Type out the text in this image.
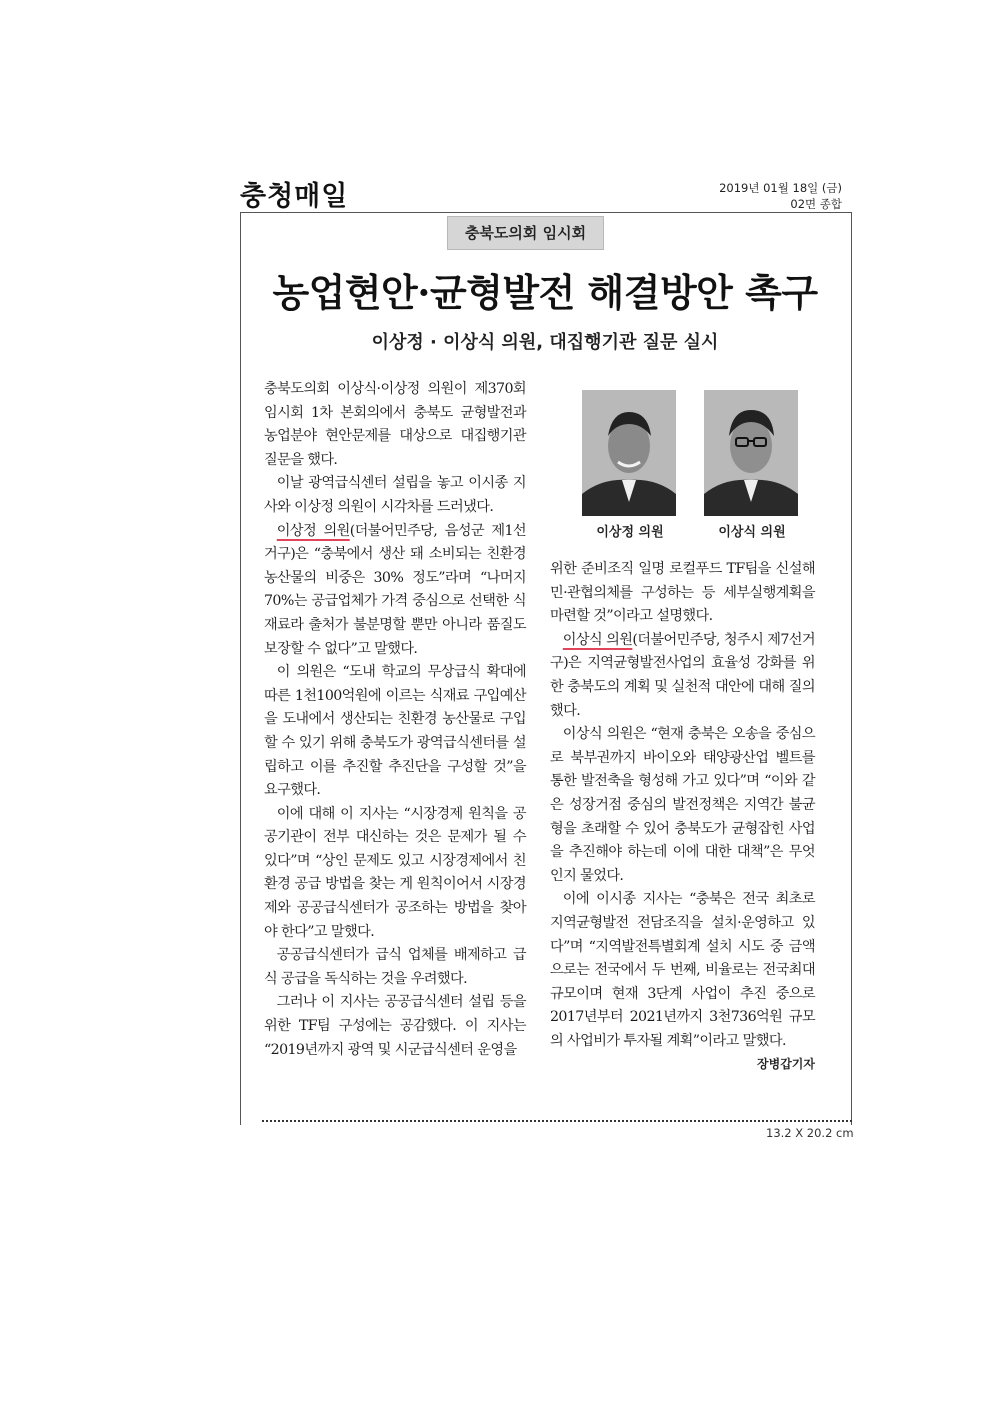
충청매일	2019년 01월 18일 (금)
02면 종합
충북도의회 임시회
농업현안·균형발전 해결방안 촉구
이상정 · 이상식 의원, 대집행기관 질문 실시

충북도의회 이상식·이상정 의원이 제370회 임시회 1차 본회의에서 충북도 균형발전과 농업분야 현안문제를 대상으로 대집행기관 질문을 했다.

이날 광역급식센터 설립을 놓고 이시종 지사와 이상정 의원이 시각차를 드러냈다.

이상정 의원(더불어민주당, 음성군 제1선거구)은 “충북에서 생산 돼 소비되는 친환경 농산물의 비중은 30% 정도”라며 “나머지 70%는 공급업체가 가격 중심으로 선택한 식재료라 출처가 불분명할 뿐만 아니라 품질도 보장할 수 없다”고 말했다.

이 의원은 “도내 학교의 무상급식 확대에 따른 1천100억원에 이르는 식재료 구입예산을 도내에서 생산되는 친환경 농산물로 구입할 수 있기 위해 충북도가 광역급식센터를 설립하고 이를 추진할 추진단을 구성할 것”을 요구했다.

이에 대해 이 지사는 “시장경제 원칙을 공공기관이 전부 대신하는 것은 문제가 될 수 있다”며 “상인 문제도 있고 시장경제에서 친환경 공급 방법을 찾는 게 원칙이어서 시장경제와 공공급식센터가 공조하는 방법을 찾아야 한다”고 말했다.

공공급식센터가 급식 업체를 배제하고 급식 공급을 독식하는 것을 우려했다.

그러나 이 지사는 공공급식센터 설립 등을 위한 TF팀 구성에는 공감했다. 이 지사는 “2019년까지 광역 및 시군급식센터 운영을

이상정 의원	이상식 의원

위한 준비조직 일명 로컬푸드 TF팀을 신설해 민·관협의체를 구성하는 등 세부실행계획을 마련할 것”이라고 설명했다.

이상식 의원(더불어민주당, 청주시 제7선거구)은 지역균형발전사업의 효율성 강화를 위한 충북도의 계획 및 실천적 대안에 대해 질의했다.

이상식 의원은 “현재 충북은 오송을 중심으로 북부권까지 바이오와 태양광산업 벨트를 통한 발전축을 형성해 가고 있다”며 “이와 같은 성장거점 중심의 발전정책은 지역간 불균형을 초래할 수 있어 충북도가 균형잡힌 사업을 추진해야 하는데 이에 대한 대책”은 무엇인지 물었다.

이에 이시종 지사는 “충북은 전국 최초로 지역균형발전 전담조직을 설치·운영하고 있다”며 “지역발전특별회계 설치 시도 중 금액으로는 전국에서 두 번째, 비율로는 전국최대 규모이며 현재 3단계 사업이 추진 중으로 2017년부터 2021년까지 3천736억원 규모의 사업비가 투자될 계획”이라고 말했다.

장병갑기자
13.2 X 20.2 cm
